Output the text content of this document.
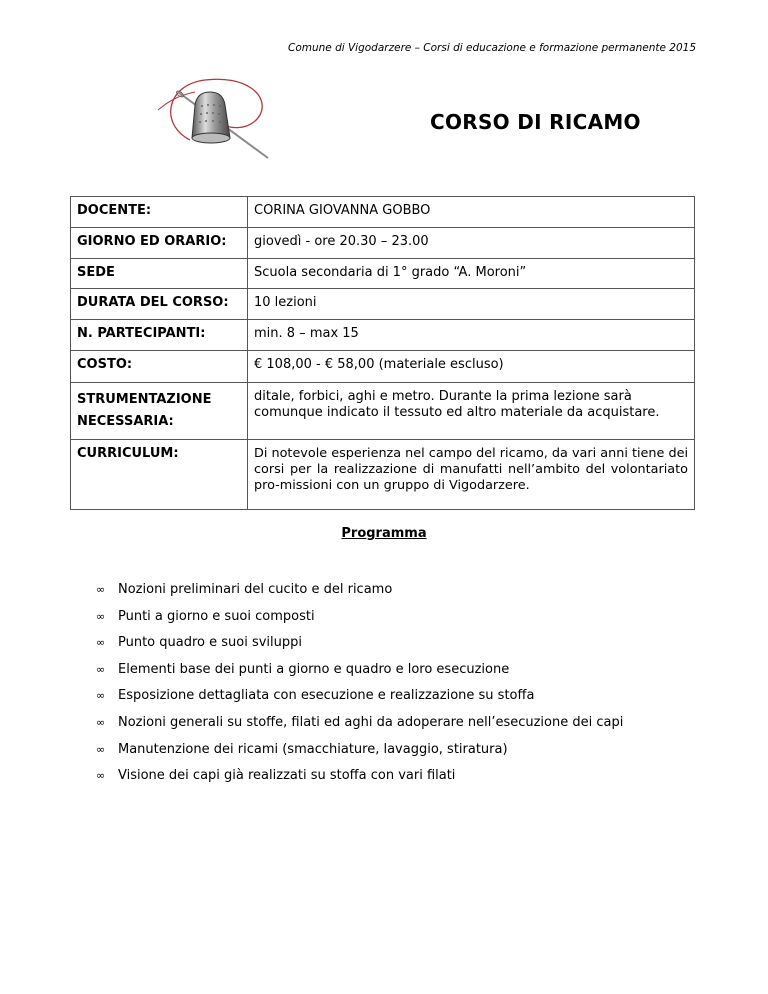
Comune di Vigodarzere – Corsi di educazione e formazione permanente 2015
CORSO DI RICAMO
DOCENTE:	CORINA GIOVANNA GOBBO
GIORNO ED ORARIO:	giovedì - ore 20.30 – 23.00
SEDE	Scuola secondaria di 1° grado “A. Moroni”
DURATA DEL CORSO:	10 lezioni
N. PARTECIPANTI:	min. 8 – max 15
COSTO:	€ 108,00 - € 58,00 (materiale escluso)

STRUMENTAZIONE
NECESSARIA:	ditale, forbici, aghi e metro. Durante la prima lezione sarà comunque indicato il tessuto ed altro materiale da acquistare.
CURRICULUM:	Di notevole esperienza nel campo del ricamo, da vari anni tiene dei corsi per la realizzazione di manufatti nell’ambito del volontariato pro-missioni con un gruppo di Vigodarzere.
Programma
∞ Nozioni preliminari del cucito e del ricamo
∞ Punti a giorno e suoi composti
∞ Punto quadro e suoi sviluppi
∞ Elementi base dei punti a giorno e quadro e loro esecuzione
∞ Esposizione dettagliata con esecuzione e realizzazione su stoffa
∞ Nozioni generali su stoffe, filati ed aghi da adoperare nell’esecuzione dei capi
∞ Manutenzione dei ricami (smacchiature, lavaggio, stiratura)
∞ Visione dei capi già realizzati su stoffa con vari filati
